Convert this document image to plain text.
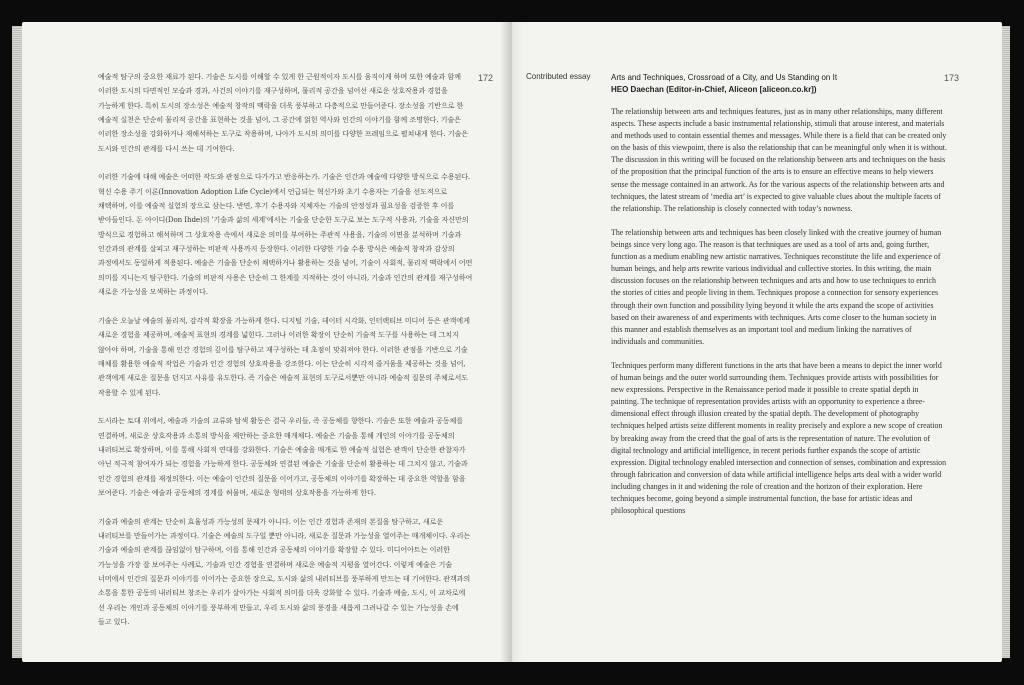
예술적 탐구의 중요한 재료가 된다. 기술은 도시를 이해할 수 있게 한 근원적이자 도시를 움직이게 하며 또한 예술과 함께 이러한 도시의 다면적인 모습과 경과, 사건의 이야기를 재구성하며, 물리적 공간을 넘어선 새로운 상호작용과 경험을 가능하게 한다. 특히 도시의 장소성은 예술적 창작의 맥락을 더욱 풍부하고 다층적으로 만들어준다. 장소성을 기반으로 한 예술적 실천은 단순히 물리적 공간을 표현하는 것을 넘어, 그 공간에 얽힌 역사와 인간의 이야기를 함께 조명한다. 기술은 이러한 장소성을 강화하거나 재해석하는 도구로 작용하며, 나아가 도시의 의미를 다양한 프레임으로 펼쳐내게 한다. 기술은 도시와 인간의 관계를 다시 쓰는 데 기여한다.

이러한 기술에 대해 예술은 어떠한 작도와 관점으로 다가가고 반응하는가. 기술은 인간과 예술에 다양한 방식으로 수용된다. 혁신 수용 주기 이론(Innovation Adoption Life Cycle)에서 언급되는 혁신가와 초기 수용자는 기술을 선도적으로 채택하며, 이를 예술적 실험의 장으로 삼는다. 반면, 후기 수용자와 지체자는 기술의 안정성과 필요성을 검증한 후 이를 받아들인다. 돈 아이디(Don Ihde)의 '기술과 삶의 세계'에서는 기술을 단순한 도구로 보는 도구적 사용과, 기술을 자신만의 방식으로 경험하고 해석하며 그 상호작용 속에서 새로운 의미를 부여하는 주관적 사용을, 기술의 이면을 분석하며 기술과 인간과의 관계를 살피고 재구성하는 비판적 사용까지 등장한다. 이러한 다양한 기술 수용 방식은 예술적 창작과 감상의 과정에서도 동일하게 적용된다. 예술은 기술을 단순히 채택하거나 활용하는 것을 넘어, 기술이 사회적, 물리적 맥락에서 어떤 의미를 지니는지 탐구한다. 기술의 비판적 사용은 단순히 그 한계를 지적하는 것이 아니라, 기술과 인간의 관계를 재구성하여 새로운 가능성을 모색하는 과정이다.

기술은 오늘날 예술의 물리적, 감각적 확장을 가능하게 한다. 디지털 기술, 데이터 시각화, 인터랙티브 미디어 등은 관객에게 새로운 경험을 제공하며, 예술적 표현의 경계를 넓힌다. 그러나 이러한 확장이 단순히 기술적 도구를 사용하는 데 그치지 않아야 하며, 기술을 통해 인간 경험의 깊이를 탐구하고 재구성하는 데 초점이 맞춰져야 한다. 이러한 관점을 기반으로 기술 매체를 활용한 예술적 작업은 기술과 인간 경험의 상호작용을 강조한다. 이는 단순히 시각적 즐거움을 제공하는 것을 넘어, 관객에게 새로운 질문을 던지고 사유를 유도한다. 즉 기술은 예술적 표현의 도구로서뿐만 아니라 예술적 질문의 주체로서도 작용할 수 있게 된다.

도시라는 토대 위에서, 예술과 기술의 교류와 탐색 활동은 결국 우리들, 즉 공동체를 향한다. 기술은 또한 예술과 공동체를 연결하며, 새로운 상호작용과 소통의 방식을 제안하는 중요한 매개체다. 예술은 기술을 통해 개인의 이야기를 공동체의 내러티브로 확장하며, 이를 통해 사회적 연대를 강화한다. 기술은 예술을 매개로 한 예술적 실험은 관객이 단순한 관찰자가 아닌 적극적 참여자가 되는 경험을 가능하게 한다. 공동체와 연결된 예술은 기술을 단순히 활용하는 데 그치지 않고, 기술과 인간 경험의 관계를 재정의한다. 이는 예술이 인간의 질문을 이어가고, 공동체의 이야기를 확장하는 데 중요한 역할을 함을 보여준다. 기술은 예술과 공동체의 경계를 허물며, 새로운 형태의 상호작용을 가능하게 한다.

기술과 예술의 관계는 단순히 효율성과 가능성의 문제가 아니다. 이는 인간 경험과 존재의 본질을 탐구하고, 새로운 내러티브를 만들어가는 과정이다. 기술은 예술의 도구일 뿐만 아니라, 새로운 질문과 가능성을 열어주는 매개체이다. 우리는 기술과 예술의 관계를 끊임없이 탐구하며, 이를 통해 인간과 공동체의 이야기를 확장할 수 있다. 미디어아트는 이러한 가능성을 가장 잘 보여주는 사례로, 기술과 인간 경험을 연결하며 새로운 예술적 지평을 열어간다. 이렇게 예술은 기술 너머에서 인간의 질문과 이야기를 이어가는 중요한 장으로, 도시와 삶의 내러티브를 풍부하게 만드는 데 기여한다. 관객과의 소통을 통한 공동의 내러티브 창조는 우리가 살아가는 사회적 의미를 더욱 강화할 수 있다. 기술과 예술, 도시, 이 교차로에 선 우리는 개인과 공동체의 이야기를 풍부하게 만들고, 우리 도시와 삶의 풍경을 새롭게 그려나갈 수 있는 가능성을 손에 들고 있다.

172	Contributed essay	Arts and Techniques, Crossroad of a City, and Us Standing on It
HEO Daechan (Editor-in-Chief, Aliceon [aliceon.co.kr])
173

The relationship between arts and techniques features, just as in many other relationships, many different aspects. These aspects include a basic instrumental relationship, stimuli that arouse interest, and materials and methods used to contain essential themes and messages. While there is a field that can be created only on the basis of this viewpoint, there is also the relationship that can be meaningful only when it is without. The discussion in this writing will be focused on the relationship between arts and techniques on the basis of the proposition that the principal function of the arts is to ensure an effective means to help viewers sense the message contained in an artwork. As for the various aspects of the relationship between arts and techniques, the latest stream of ‘media art’ is expected to give valuable clues about the multiple facets of the relationship. The relationship is closely connected with today’s nowness.

The relationship between arts and techniques has been closely linked with the creative journey of human beings since very long ago. The reason is that techniques are used as a tool of arts and, going further, function as a medium enabling new artistic narratives. Techniques reconstitute the life and experience of human beings, and help arts rewrite various individual and collective stories. In this writing, the main discussion focuses on the relationship between techniques and arts and how to use techniques to enrich the stories of cities and people living in them. Techniques propose a connection for sensory experiences through their own function and possibility lying beyond it while the arts expand the scope of activities based on their awareness of and experiments with techniques. Arts come closer to the human society in this manner and establish themselves as an important tool and medium linking the narratives of individuals and communities.

Techniques perform many different functions in the arts that have been a means to depict the inner world of human beings and the outer world surrounding them. Techniques provide artists with possibilities for new expressions. Perspective in the Renaissance period made it possible to create spatial depth in painting. The technique of representation provides artists with an opportunity to experience a three-dimensional effect through illusion created by the spatial depth. The development of photography techniques helped artists seize different moments in reality precisely and explore a new scope of creation by breaking away from the creed that the goal of arts is the representation of nature. The evolution of digital technology and artificial intelligence, in recent periods further expands the scope of artistic expression. Digital technology enabled intersection and connection of senses, combination and expression through fabrication and conversion of data while artificial intelligence helps arts deal with a wider world including changes in it and widening the role of creation and the horizon of their exploration. Here techniques become, going beyond a simple instrumental function, the base for artistic ideas and philosophical questions
